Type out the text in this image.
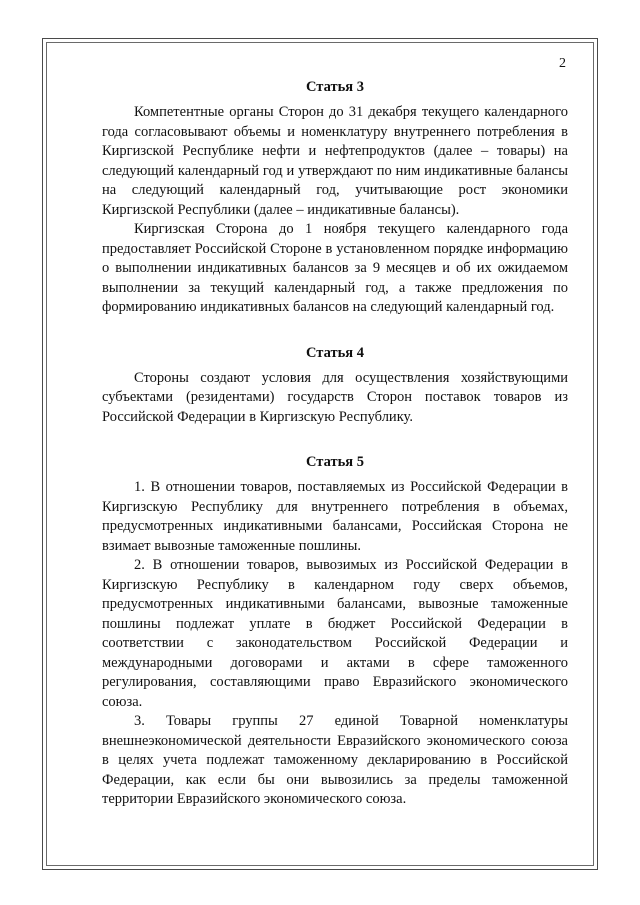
2
Статья 3

Компетентные органы Сторон до 31 декабря текущего календарного года согласовывают объемы и номенклатуру внутреннего потребления в Киргизской Республике нефти и нефтепродуктов (далее – товары) на следующий календарный год и утверждают по ним индикативные балансы на следующий календарный год, учитывающие рост экономики Киргизской Республики (далее – индикативные балансы).

Киргизская Сторона до 1 ноября текущего календарного года предоставляет Российской Стороне в установленном порядке информацию о выполнении индикативных балансов за 9 месяцев и об их ожидаемом выполнении за текущий календарный год, а также предложения по формированию индикативных балансов на следующий календарный год.

Статья 4

Стороны создают условия для осуществления хозяйствующими субъектами (резидентами) государств Сторон поставок товаров из Российской Федерации в Киргизскую Республику.

Статья 5

1. В отношении товаров, поставляемых из Российской Федерации в Киргизскую Республику для внутреннего потребления в объемах, предусмотренных индикативными балансами, Российская Сторона не взимает вывозные таможенные пошлины.

2. В отношении товаров, вывозимых из Российской Федерации в Киргизскую Республику в календарном году сверх объемов, предусмотренных индикативными балансами, вывозные таможенные пошлины подлежат уплате в бюджет Российской Федерации в соответствии с законодательством Российской Федерации и международными договорами и актами в сфере таможенного регулирования, составляющими право Евразийского экономического союза.

3. Товары группы 27 единой Товарной номенклатуры внешнеэкономической деятельности Евразийского экономического союза в целях учета подлежат таможенному декларированию в Российской Федерации, как если бы они вывозились за пределы таможенной территории Евразийского экономического союза.
